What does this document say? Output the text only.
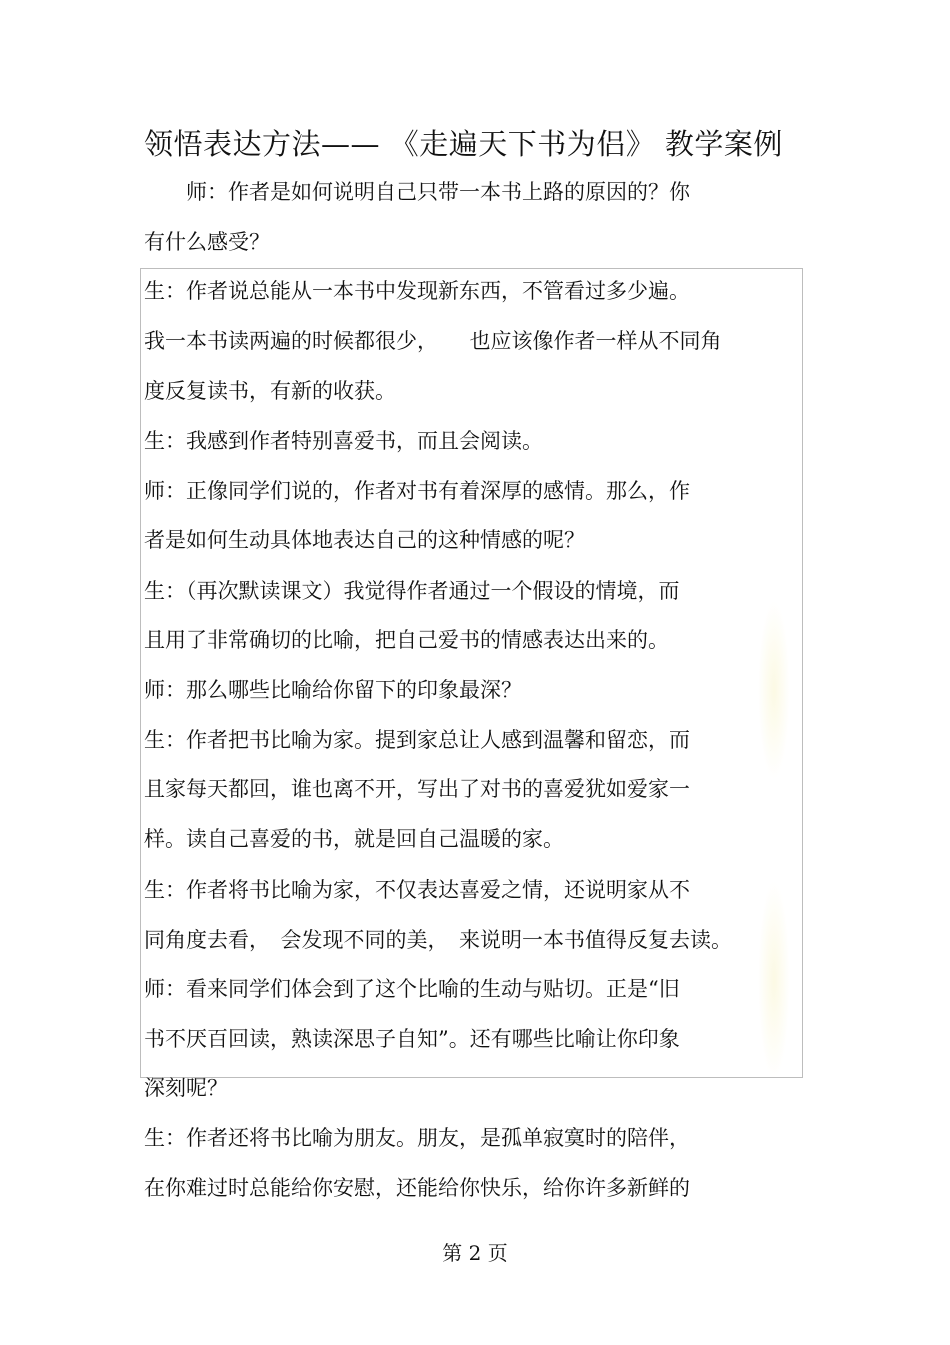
领悟表达方法—— 《走遍天下书为侣》 教学案例
　　师：作者是如何说明自己只带一本书上路的原因的？你
有什么感受？
生：作者说总能从一本书中发现新东西，不管看过多少遍。
我一本书读两遍的时候都很少，　　也应该像作者一样从不同角
度反复读书，有新的收获。
生：我感到作者特别喜爱书，而且会阅读。
师：正像同学们说的，作者对书有着深厚的感情。那么，作
者是如何生动具体地表达自己的这种情感的呢？
生：（再次默读课文）我觉得作者通过一个假设的情境，而
且用了非常确切的比喻，把自己爱书的情感表达出来的。
师：那么哪些比喻给你留下的印象最深？
生：作者把书比喻为家。提到家总让人感到温馨和留恋，而
且家每天都回，谁也离不开，写出了对书的喜爱犹如爱家一
样。读自己喜爱的书，就是回自己温暖的家。
生：作者将书比喻为家，不仅表达喜爱之情，还说明家从不
同角度去看，　会发现不同的美，　来说明一本书值得反复去读。
师：看来同学们体会到了这个比喻的生动与贴切。正是“旧
书不厌百回读，熟读深思子自知”。还有哪些比喻让你印象
深刻呢？
生：作者还将书比喻为朋友。朋友，是孤单寂寞时的陪伴，
在你难过时总能给你安慰，还能给你快乐，给你许多新鲜的
第 2 页
